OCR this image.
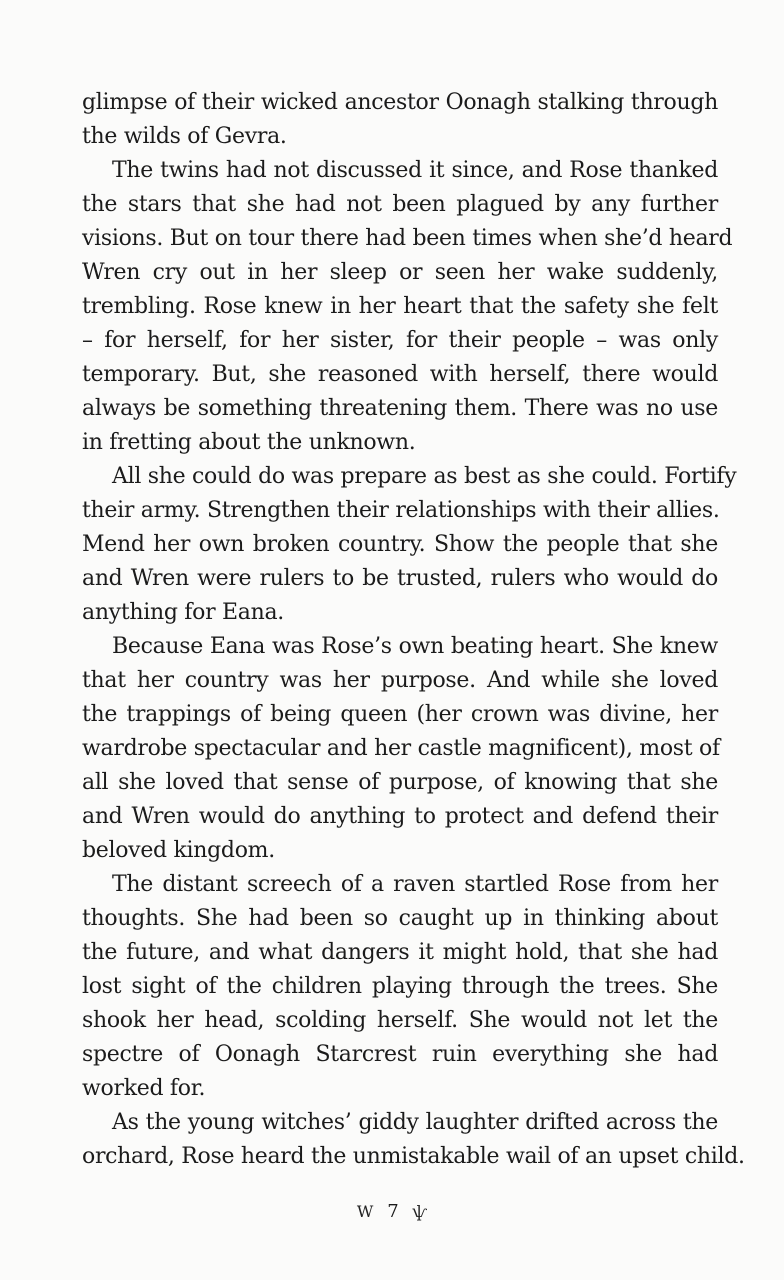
glimpse of their wicked ancestor Oonagh stalking through
the wilds of Gevra.
The twins had not discussed it since, and Rose thanked
the stars that she had not been plagued by any further
visions. But on tour there had been times when she’d heard
Wren cry out in her sleep or seen her wake suddenly,
trembling. Rose knew in her heart that the safety she felt
– for herself, for her sister, for their people – was only
temporary. But, she reasoned with herself, there would
always be something threatening them. There was no use
in fretting about the unknown.
All she could do was prepare as best as she could. Fortify
their army. Strengthen their relationships with their allies.
Mend her own broken country. Show the people that she
and Wren were rulers to be trusted, rulers who would do
anything for Eana.
Because Eana was Rose’s own beating heart. She knew
that her country was her purpose. And while she loved
the trappings of being queen (her crown was divine, her
wardrobe spectacular and her castle magnificent), most of
all she loved that sense of purpose, of knowing that she
and Wren would do anything to protect and defend their
beloved kingdom.
The distant screech of a raven startled Rose from her
thoughts. She had been so caught up in thinking about
the future, and what dangers it might hold, that she had
lost sight of the children playing through the trees. She
shook her head, scolding herself. She would not let the
spectre of Oonagh Starcrest ruin everything she had
worked for.
As the young witches’ giddy laughter drifted across the
orchard, Rose heard the unmistakable wail of an upset child.
W 7 ѱ
